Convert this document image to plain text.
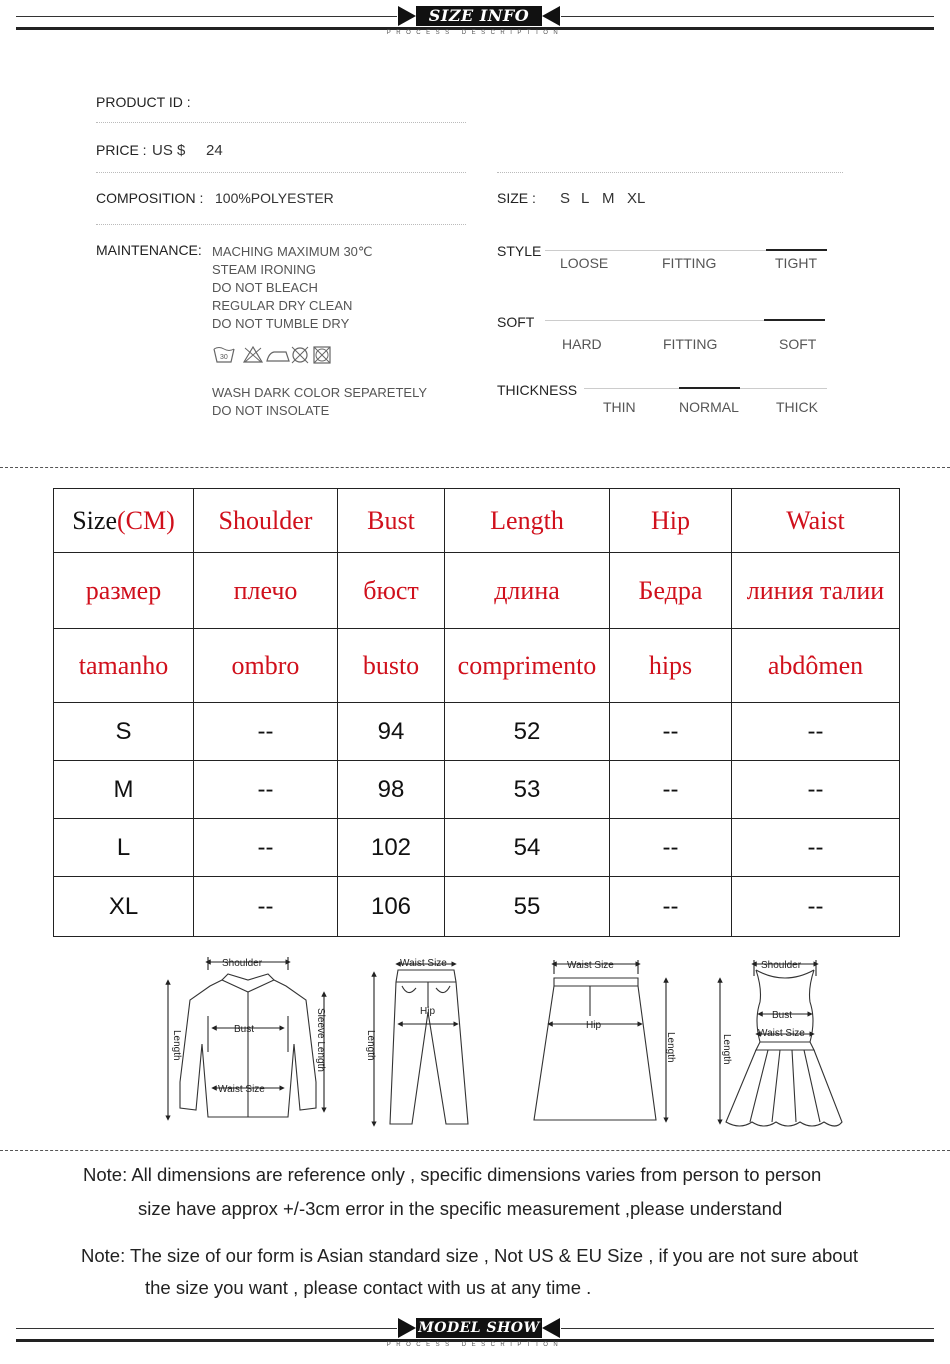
SIZE INFO
PROCESS DESCRIPTION
PRODUCT ID :
PRICE : US $ 24
COMPOSITION : 100%POLYESTER
MAINTENANCE: MACHING MAXIMUM 30℃
STEAM IRONING
DO NOT BLEACH
REGULAR DRY CLEAN
DO NOT TUMBLE DRY
30
WASH DARK COLOR SEPARETELY
DO NOT INSOLATE
SIZE : S L M XL
STYLE
LOOSE	FITTING	TIGHT
SOFT
HARD	FITTING	SOFT
THICKNESS
THIN	NORMAL	THICK
Size(CM)	Shoulder	Bust	Length	Hip	Waist
размер	плечо	бюст	длина	Бедра	линия талии
tamanho	ombro	busto	comprimento	hips	abdômen
S	--	94	52	--	--
M	--	98	53	--	--
L	--	102	54	--	--
XL	--	106	55	--	--
Shoulder
Bust
Waist Size
Length	Sleeve Length
Waist Size
Hip
Length
Waist Size
Hip
Length
Shoulder
Bust
Waist Size
Length
Note: All dimensions are reference only , specific dimensions varies from person to person
size have approx +/-3cm error in the specific measurement ,please understand
Note: The size of our form is Asian standard size , Not US & EU Size , if you are not sure about
the size you want , please contact with us at any time .
MODEL SHOW
PROCESS DESCRIPTION
